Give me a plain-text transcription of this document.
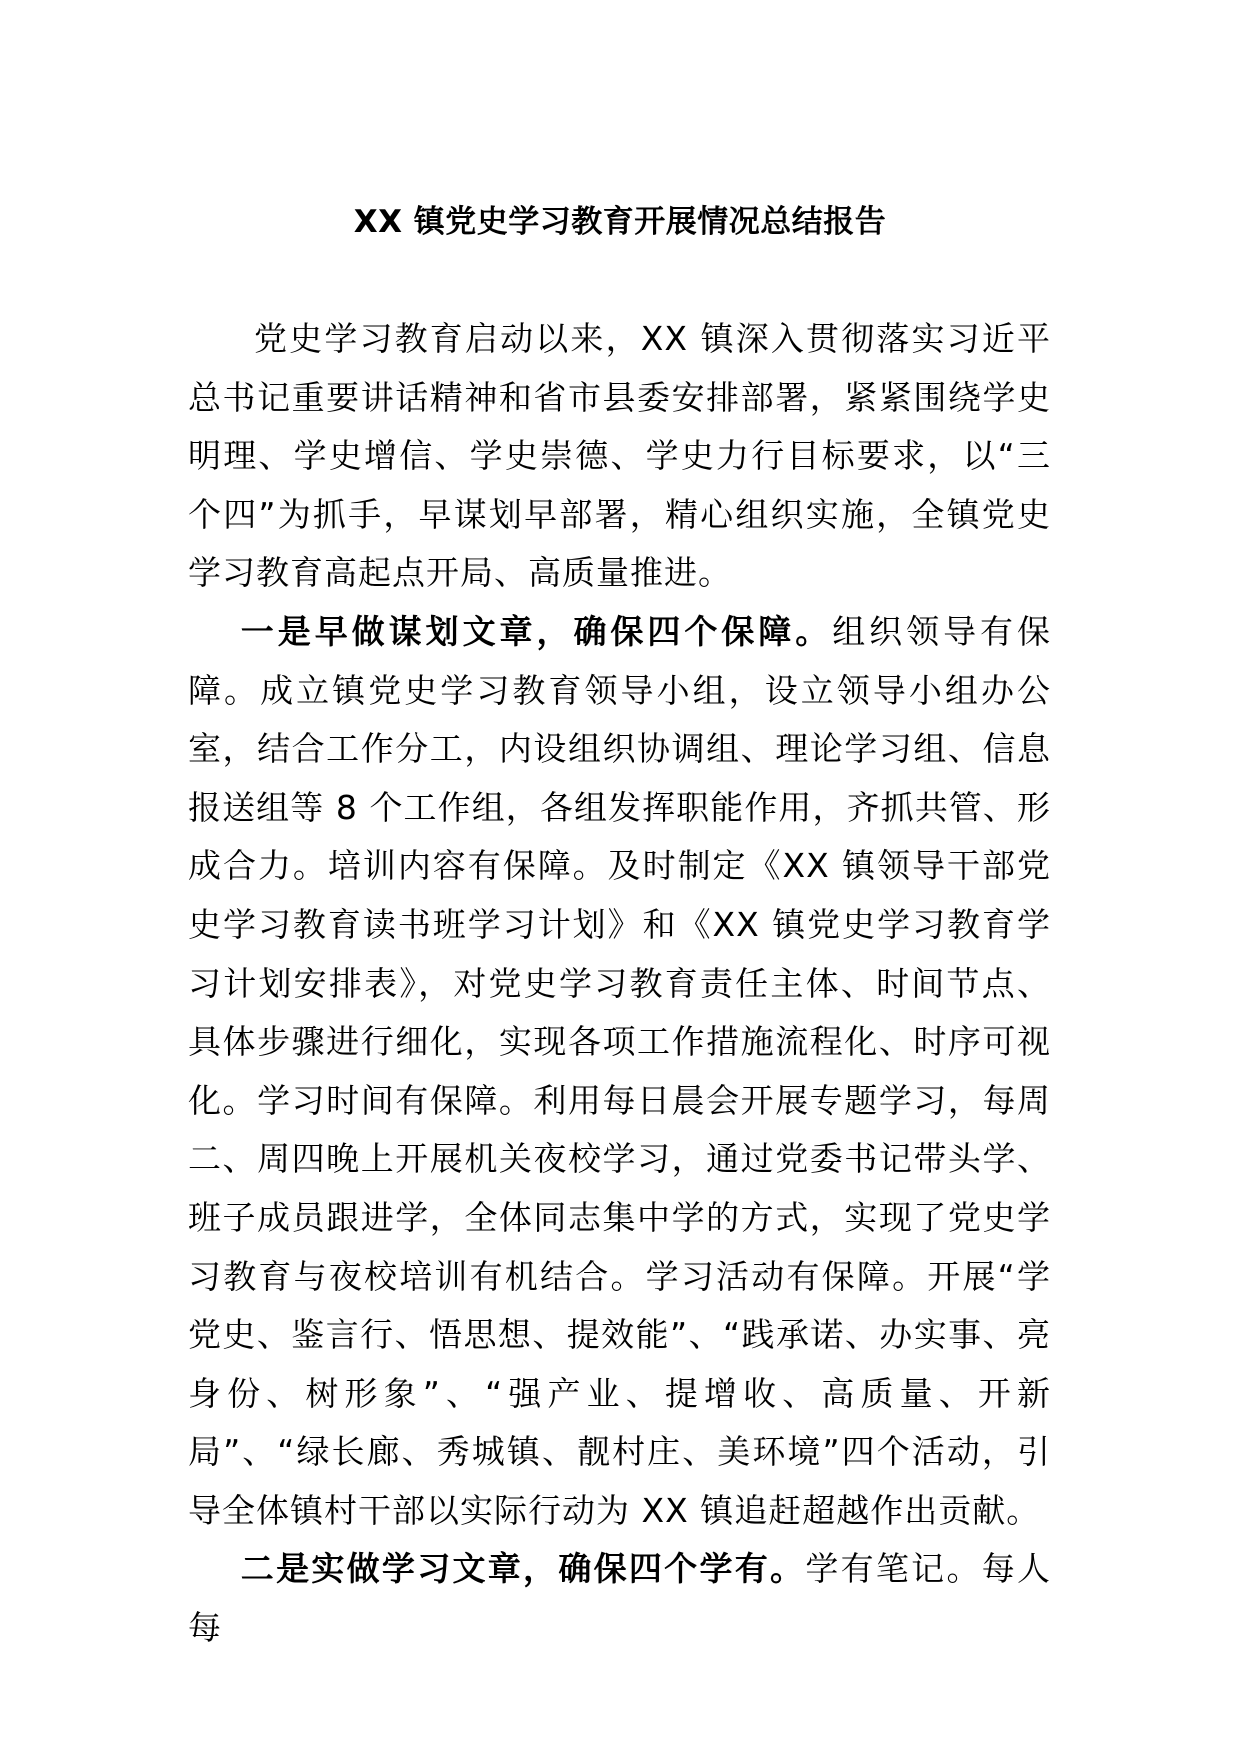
XX 镇党史学习教育开展情况总结报告

党史学习教育启动以来，XX 镇深入贯彻落实习近平总书记重要讲话精神和省市县委安排部署，紧紧围绕学史明理、学史增信、学史崇德、学史力行目标要求，以“三个四”为抓手，早谋划早部署，精心组织实施，全镇党史学习教育高起点开局、高质量推进。

一是早做谋划文章，确保四个保障。组织领导有保障。成立镇党史学习教育领导小组，设立领导小组办公室，结合工作分工，内设组织协调组、理论学习组、信息报送组等 8 个工作组，各组发挥职能作用，齐抓共管、形成合力。培训内容有保障。及时制定《XX 镇领导干部党史学习教育读书班学习计划》和《XX 镇党史学习教育学习计划安排表》，对党史学习教育责任主体、时间节点、具体步骤进行细化，实现各项工作措施流程化、时序可视化。学习时间有保障。利用每日晨会开展专题学习，每周二、周四晚上开展机关夜校学习，通过党委书记带头学、班子成员跟进学，全体同志集中学的方式，实现了党史学习教育与夜校培训有机结合。学习活动有保障。开展“学党史、鉴言行、悟思想、提效能”、“践承诺、办实事、亮身份、树形象”、“强产业、提增收、高质量、开新局”、“绿长廊、秀城镇、靓村庄、美环境”四个活动，引导全体镇村干部以实际行动为 XX 镇追赶超越作出贡献。

二是实做学习文章，确保四个学有。学有笔记。每人每
